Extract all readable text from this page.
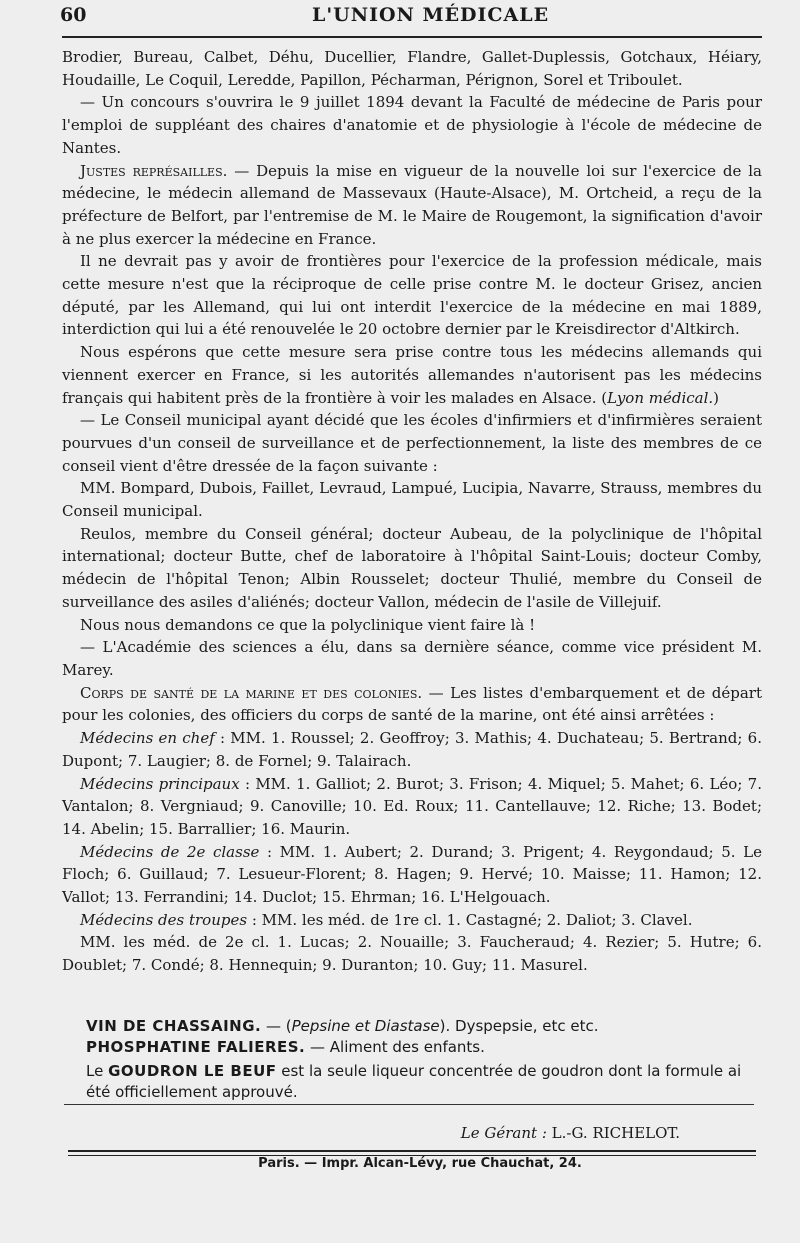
60	L'UNION MÉDICALE

Brodier, Bureau, Calbet, Déhu, Ducellier, Flandre, Gallet-Duplessis, Gotchaux, Héiary, Houdaille, Le Coquil, Leredde, Papillon, Pécharman, Pérignon, Sorel et Triboulet.

— Un concours s'ouvrira le 9 juillet 1894 devant la Faculté de médecine de Paris pour l'emploi de suppléant des chaires d'anatomie et de physiologie à l'école de médecine de Nantes.

Justes représailles. — Depuis la mise en vigueur de la nouvelle loi sur l'exercice de la médecine, le médecin allemand de Massevaux (Haute-Alsace), M. Ortcheid, a reçu de la préfecture de Belfort, par l'entremise de M. le Maire de Rougemont, la signification d'avoir à ne plus exercer la médecine en France.

Il ne devrait pas y avoir de frontières pour l'exercice de la profession médicale, mais cette mesure n'est que la réciproque de celle prise contre M. le docteur Grisez, ancien député, par les Allemand, qui lui ont interdit l'exercice de la médecine en mai 1889, interdiction qui lui a été renouvelée le 20 octobre dernier par le Kreisdirector d'Altkirch.

Nous espérons que cette mesure sera prise contre tous les médecins allemands qui viennent exercer en France, si les autorités allemandes n'autorisent pas les médecins français qui habitent près de la frontière à voir les malades en Alsace. (Lyon médical.)

— Le Conseil municipal ayant décidé que les écoles d'infirmiers et d'infirmières seraient pourvues d'un conseil de surveillance et de perfectionnement, la liste des membres de ce conseil vient d'être dressée de la façon suivante :

MM. Bompard, Dubois, Faillet, Levraud, Lampué, Lucipia, Navarre, Strauss, membres du Conseil municipal.

Reulos, membre du Conseil général; docteur Aubeau, de la polyclinique de l'hôpital international; docteur Butte, chef de laboratoire à l'hôpital Saint-Louis; docteur Comby, médecin de l'hôpital Tenon; Albin Rousselet; docteur Thulié, membre du Conseil de surveillance des asiles d'aliénés; docteur Vallon, médecin de l'asile de Villejuif.

Nous nous demandons ce que la polyclinique vient faire là !

— L'Académie des sciences a élu, dans sa dernière séance, comme vice président M. Marey.

Corps de santé de la marine et des colonies. — Les listes d'embarquement et de départ pour les colonies, des officiers du corps de santé de la marine, ont été ainsi arrêtées :

Médecins en chef : MM. 1. Roussel; 2. Geoffroy; 3. Mathis; 4. Duchateau; 5. Bertrand; 6. Dupont; 7. Laugier; 8. de Fornel; 9. Talairach.

Médecins principaux : MM. 1. Galliot; 2. Burot; 3. Frison; 4. Miquel; 5. Mahet; 6. Léo; 7. Vantalon; 8. Vergniaud; 9. Canoville; 10. Ed. Roux; 11. Cantellauve; 12. Riche; 13. Bodet; 14. Abelin; 15. Barrallier; 16. Maurin.

Médecins de 2e classe : MM. 1. Aubert; 2. Durand; 3. Prigent; 4. Reygondaud; 5. Le Floch; 6. Guillaud; 7. Lesueur-Florent; 8. Hagen; 9. Hervé; 10. Maisse; 11. Hamon; 12. Vallot; 13. Ferrandini; 14. Duclot; 15. Ehrman; 16. L'Helgouach.

Médecins des troupes : MM. les méd. de 1re cl. 1. Castagné; 2. Daliot; 3. Clavel.

MM. les méd. de 2e cl. 1. Lucas; 2. Nouaille; 3. Faucheraud; 4. Rezier; 5. Hutre; 6. Doublet; 7. Condé; 8. Hennequin; 9. Duranton; 10. Guy; 11. Masurel.

VIN DE CHASSAING. — (Pepsine et Diastase). Dyspepsie, etc etc.

PHOSPHATINE FALIERES. — Aliment des enfants.

Le GOUDRON LE BEUF est la seule liqueur concentrée de goudron dont la formule ai été officiellement approuvé.

Le Gérant : L.-G. RICHELOT.
Paris. — Impr. Alcan-Lévy, rue Chauchat, 24.
